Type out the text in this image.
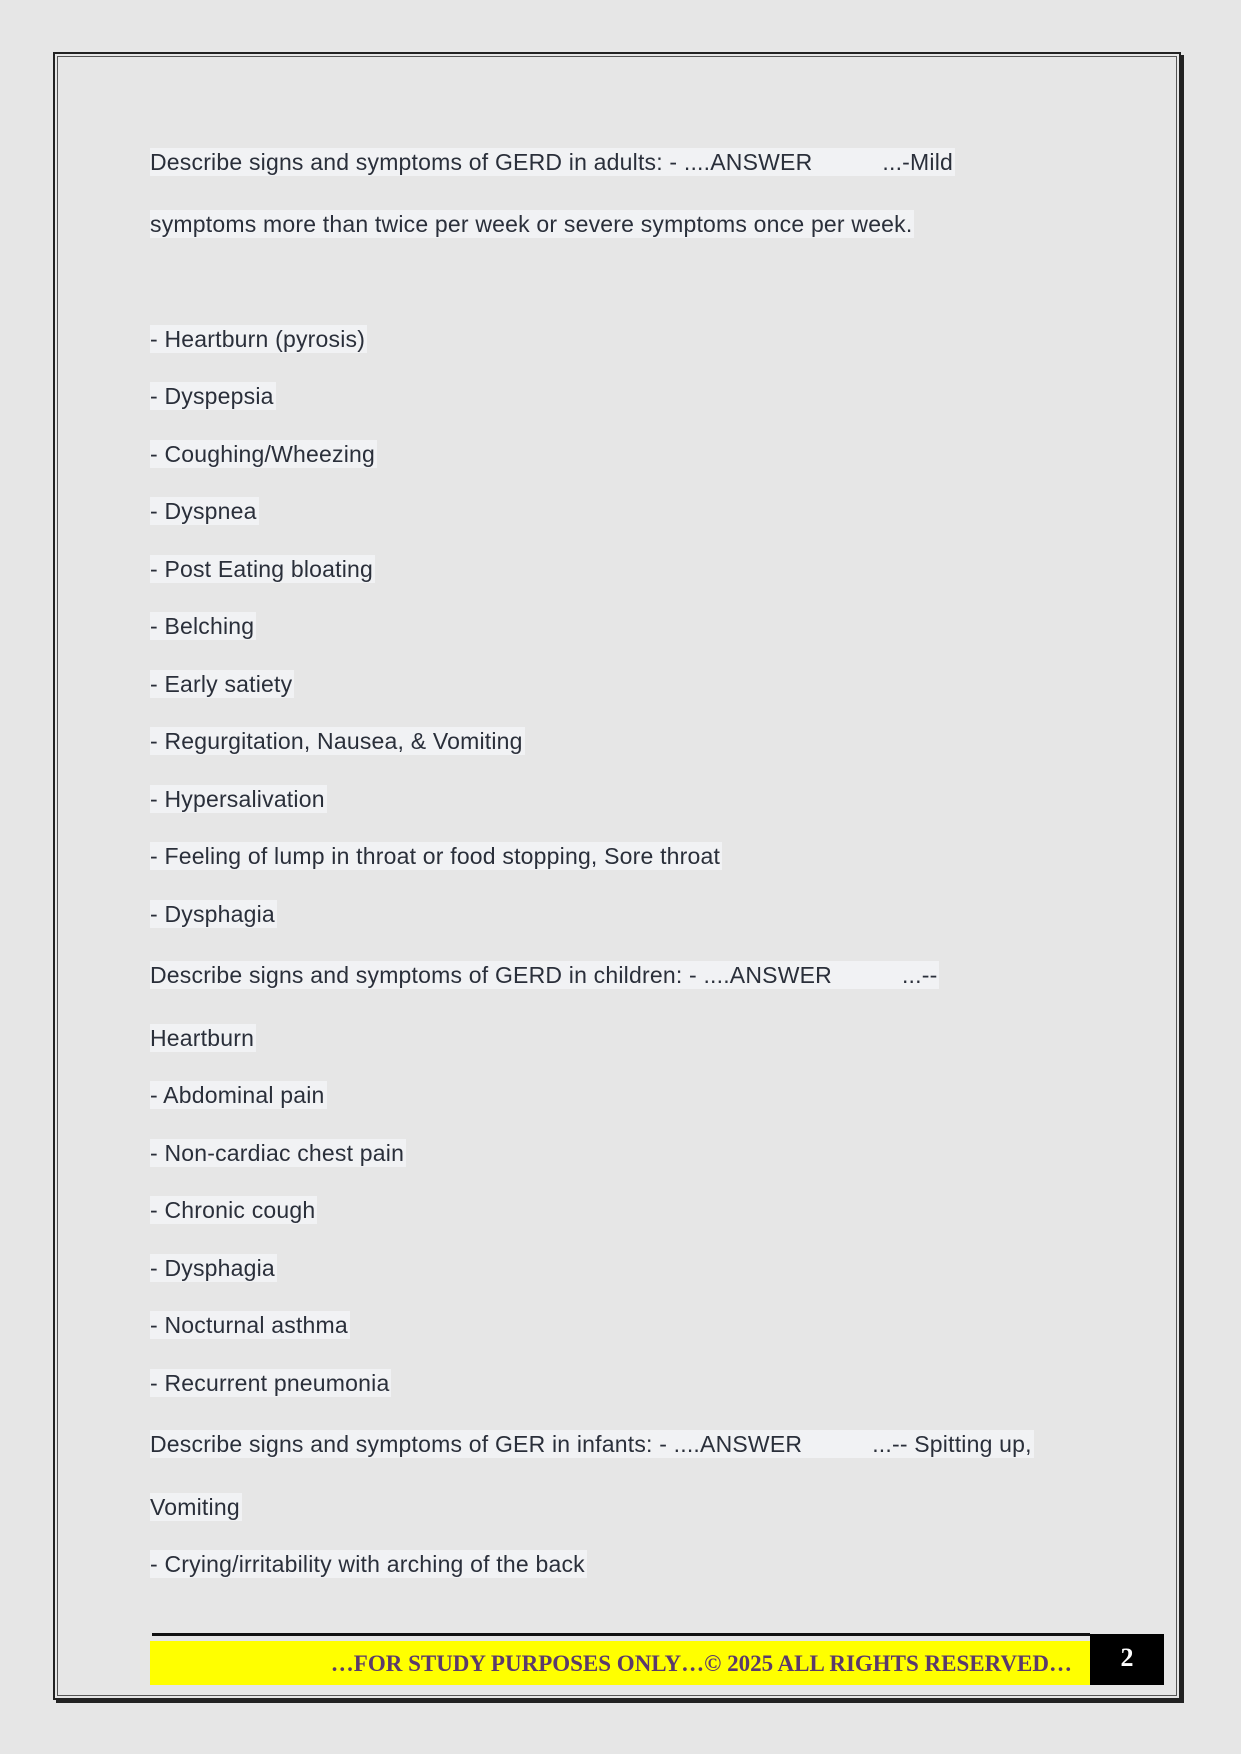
Describe signs and symptoms of GERD in adults: - ....ANSWER	...-Mild
symptoms more than twice per week or severe symptoms once per week.
- Heartburn (pyrosis)
- Dyspepsia
- Coughing/Wheezing
- Dyspnea
- Post Eating bloating
- Belching
- Early satiety
- Regurgitation, Nausea, & Vomiting
- Hypersalivation
- Feeling of lump in throat or food stopping, Sore throat
- Dysphagia
Describe signs and symptoms of GERD in children: - ....ANSWER	...--
Heartburn
- Abdominal pain
- Non-cardiac chest pain
- Chronic cough
- Dysphagia
- Nocturnal asthma
- Recurrent pneumonia
Describe signs and symptoms of GER in infants: - ....ANSWER	...-- Spitting up,
Vomiting
- Crying/irritability with arching of the back
…FOR STUDY PURPOSES ONLY…© 2025 ALL RIGHTS RESERVED…	2
